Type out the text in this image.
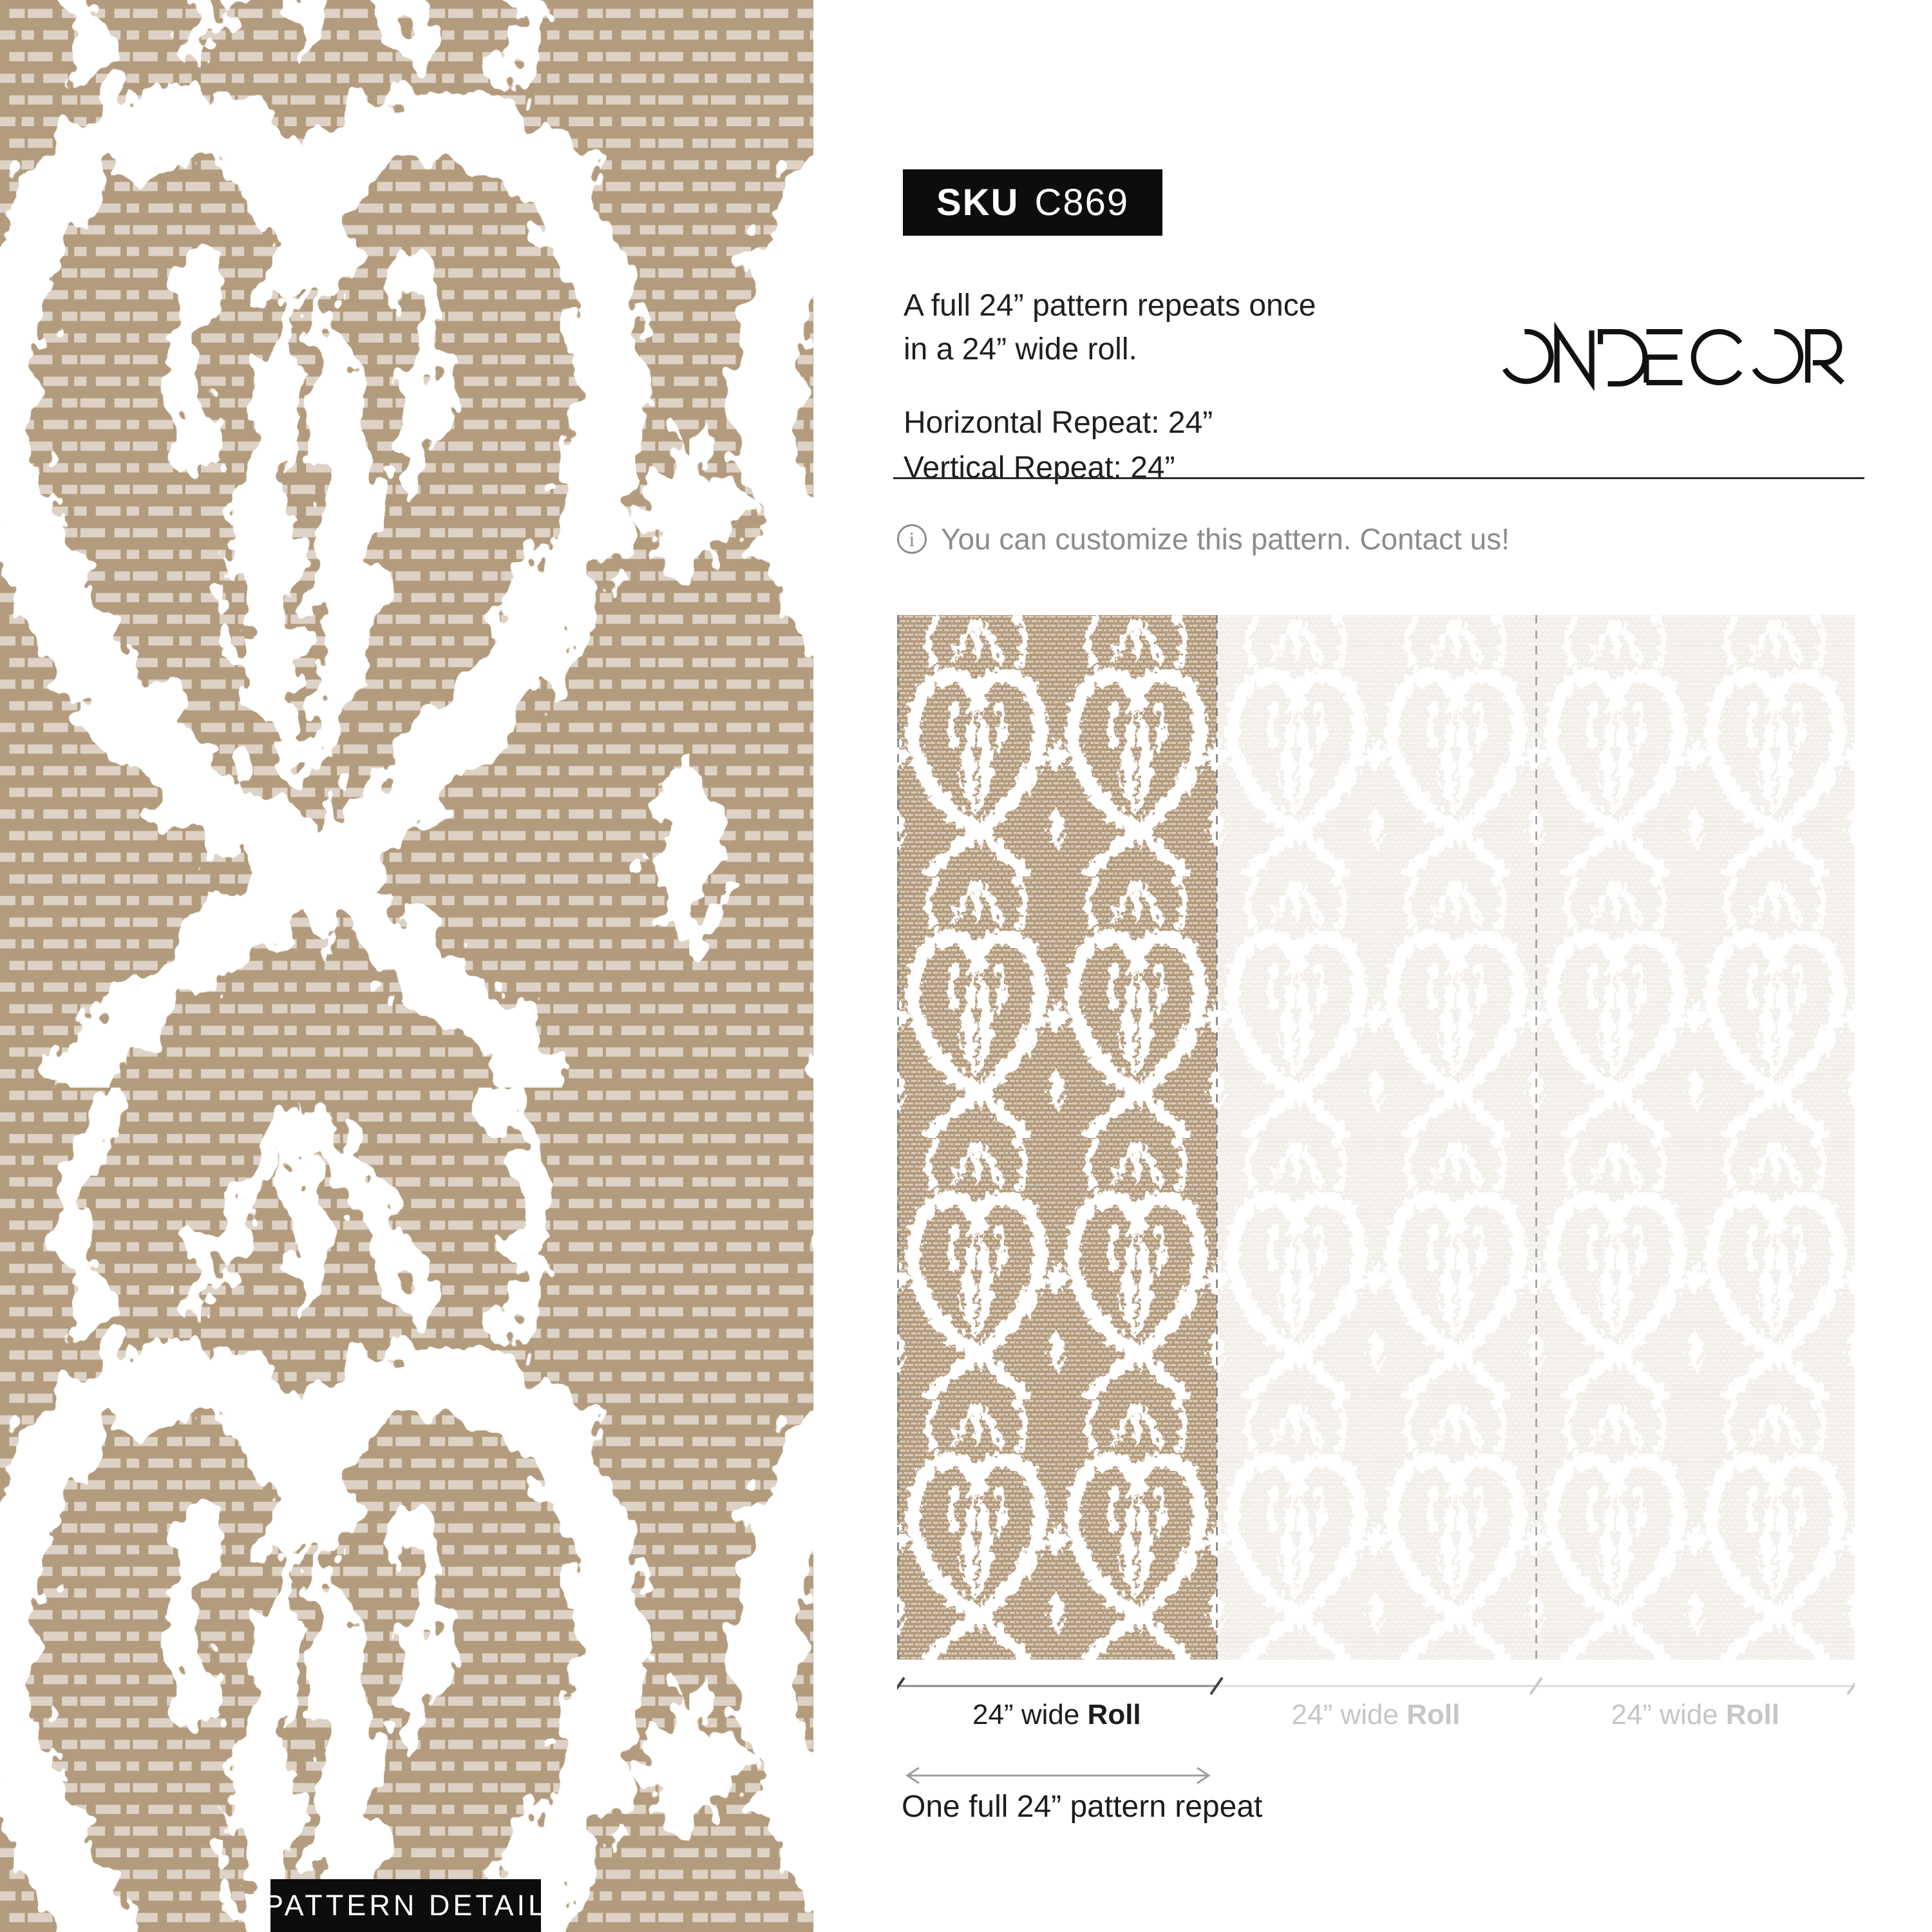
PATTERN DETAIL
SKU C869
A full 24” pattern repeats once
in a 24” wide roll.
Horizontal Repeat: 24”
Vertical Repeat: 24”
i You can customize this pattern. Contact us!
24” wide Roll	24” wide Roll	24” wide Roll
One full 24” pattern repeat
